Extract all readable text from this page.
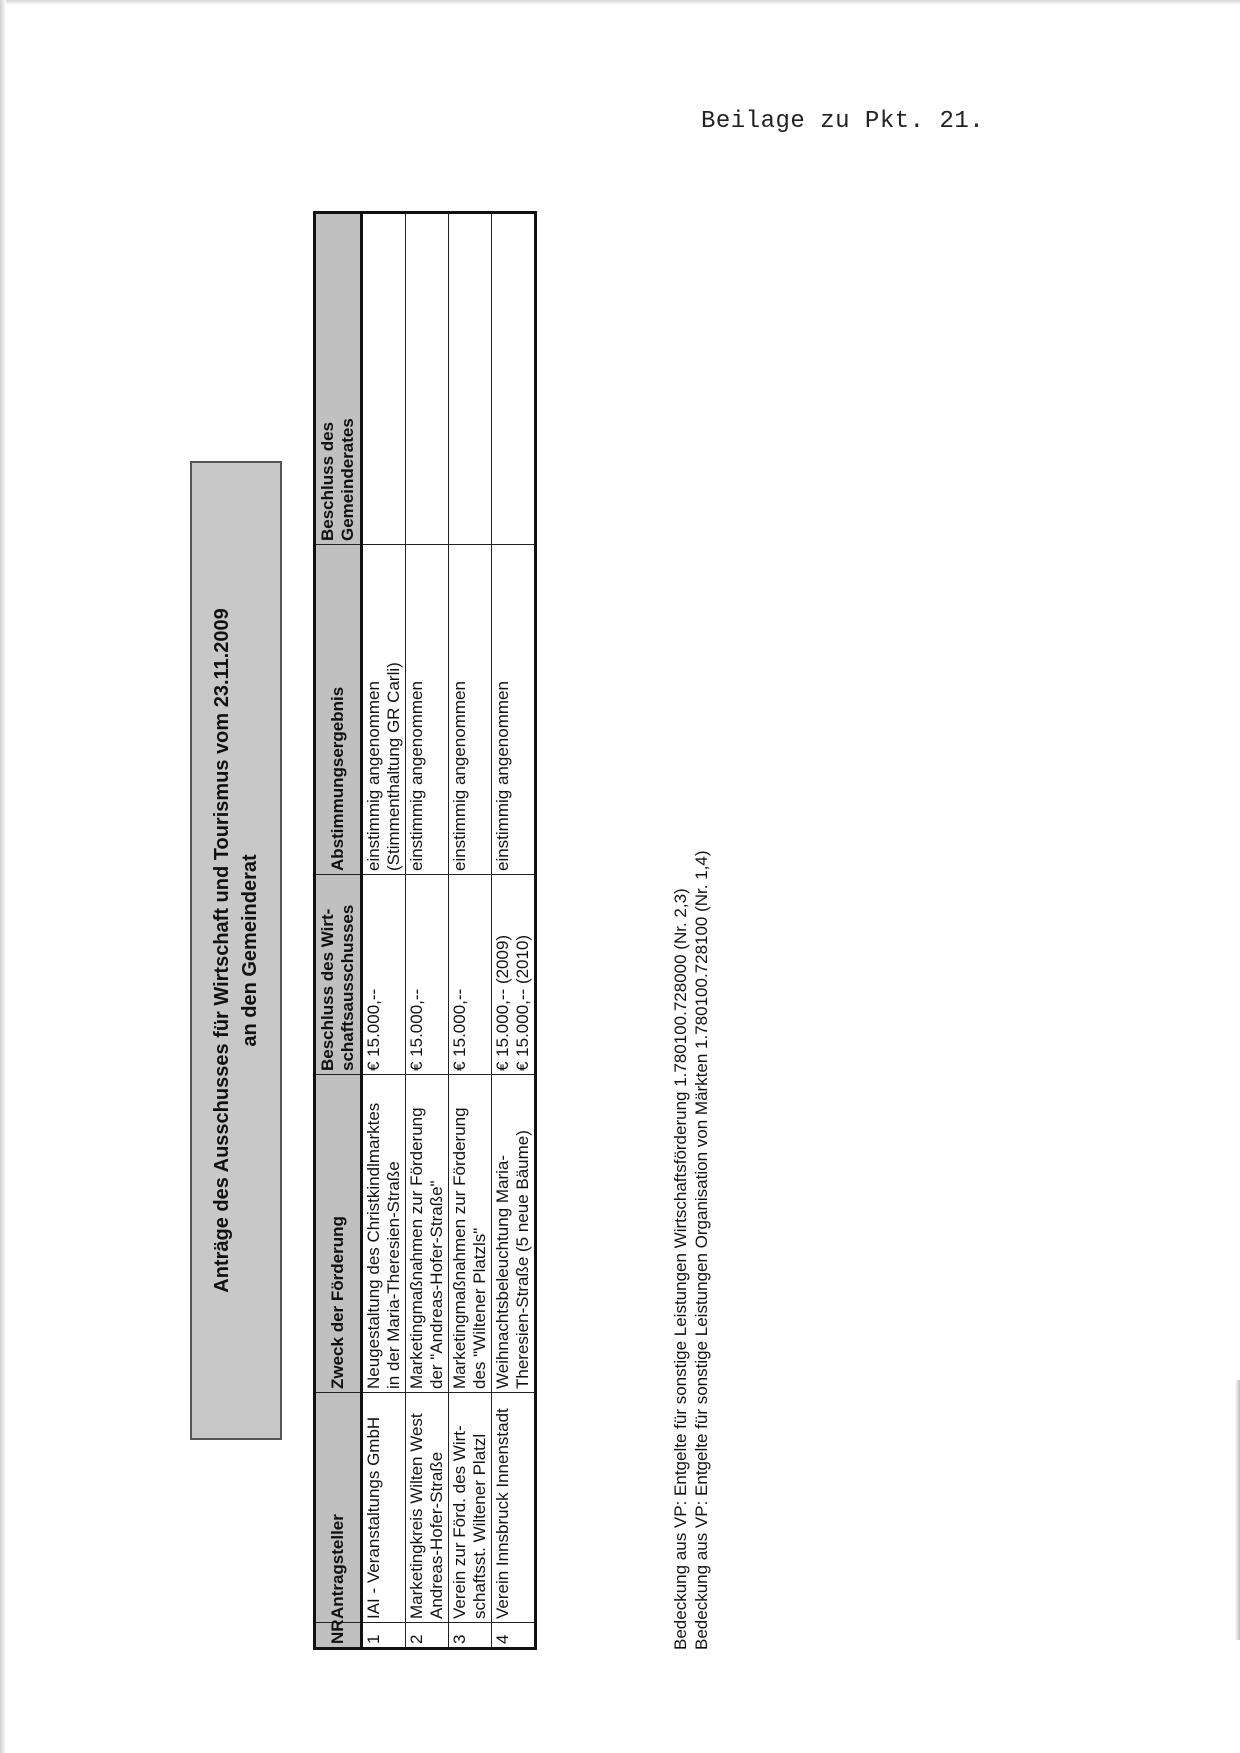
Beilage zu Pkt. 21.
Anträge des Ausschusses für Wirtschaft und Tourismus vom 23.11.2009 an den Gemeinderat
NR	Antragsteller	Zweck der Förderung	Beschluss des Wirt- schaftsausschusses	Abstimmungsergebnis	Beschluss des Gemeinderates

1	IAI - Veranstaltungs GmbH	Neugestaltung des Christkindlmarktes in der Maria-Theresien-Straße	€ 15.000,--	einstimmig angenommen (Stimmenthaltung GR Carli)	

2	Marketingkreis Wilten West Andreas-Hofer-Straße	Marketingmaßnahmen zur Förderung der "Andreas-Hofer-Straße"	€ 15.000,--	einstimmig angenommen	

3	Verein zur Förd. des Wirt- schaftsst. Wiltener Platzl	Marketingmaßnahmen zur Förderung des "Wiltener Platzls"	€ 15.000,--	einstimmig angenommen	

4	Verein Innsbruck Innenstadt	Weihnachtsbeleuchtung Maria- Theresien-Straße (5 neue Bäume)	€ 15.000,-- (2009) € 15.000,-- (2010)	einstimmig angenommen	

Bedeckung aus VP: Entgelte für sonstige Leistungen Wirtschaftsförderung 1.780100.728000 (Nr. 2,3) Bedeckung aus VP: Entgelte für sonstige Leistungen Organisation von Märkten 1.780100.728100 (Nr. 1,4)
